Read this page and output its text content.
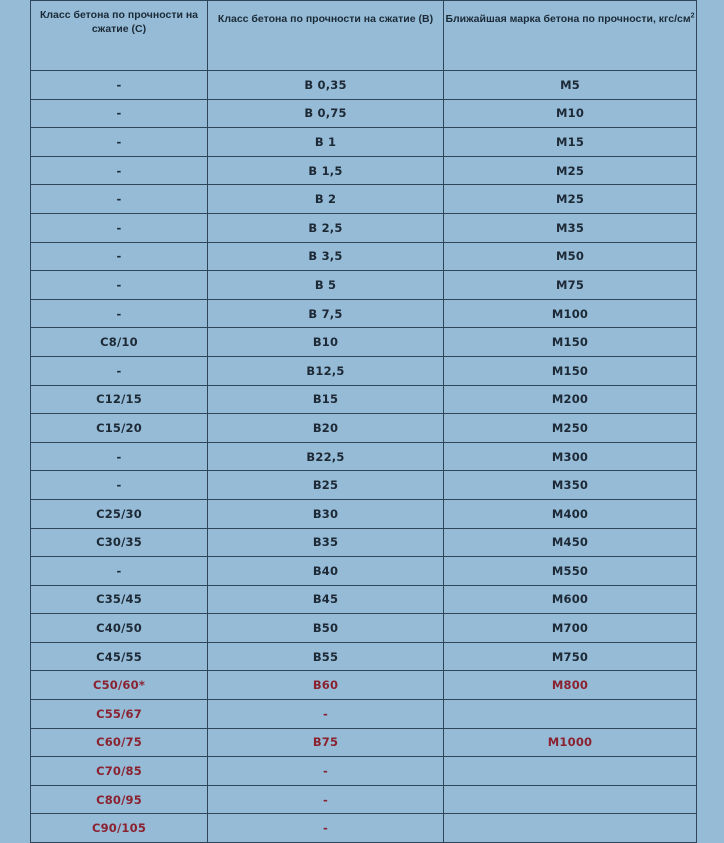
Класс бетона по прочности на сжатие (С)	Класс бетона по прочности на сжатие (В)	Ближайшая марка бетона по прочности, кгс/$см^2$
-	В 0,35	М5
-	В 0,75	М10
-	В 1	М15
-	В 1,5	М25
-	В 2	М25
-	В 2,5	М35
-	В 3,5	М50
-	В 5	М75
-	В 7,5	М100
С8/10	В10	М150
-	В12,5	М150
С12/15	В15	М200
С15/20	В20	М250
-	В22,5	М300
-	В25	М350
С25/30	В30	М400
С30/35	В35	М450
-	В40	М550
С35/45	В45	М600
С40/50	В50	М700
С45/55	В55	М750
С50/60*	В60	М800
С55/67	-	
С60/75	В75	М1000
С70/85	-	
С80/95	-	
С90/105	-	
